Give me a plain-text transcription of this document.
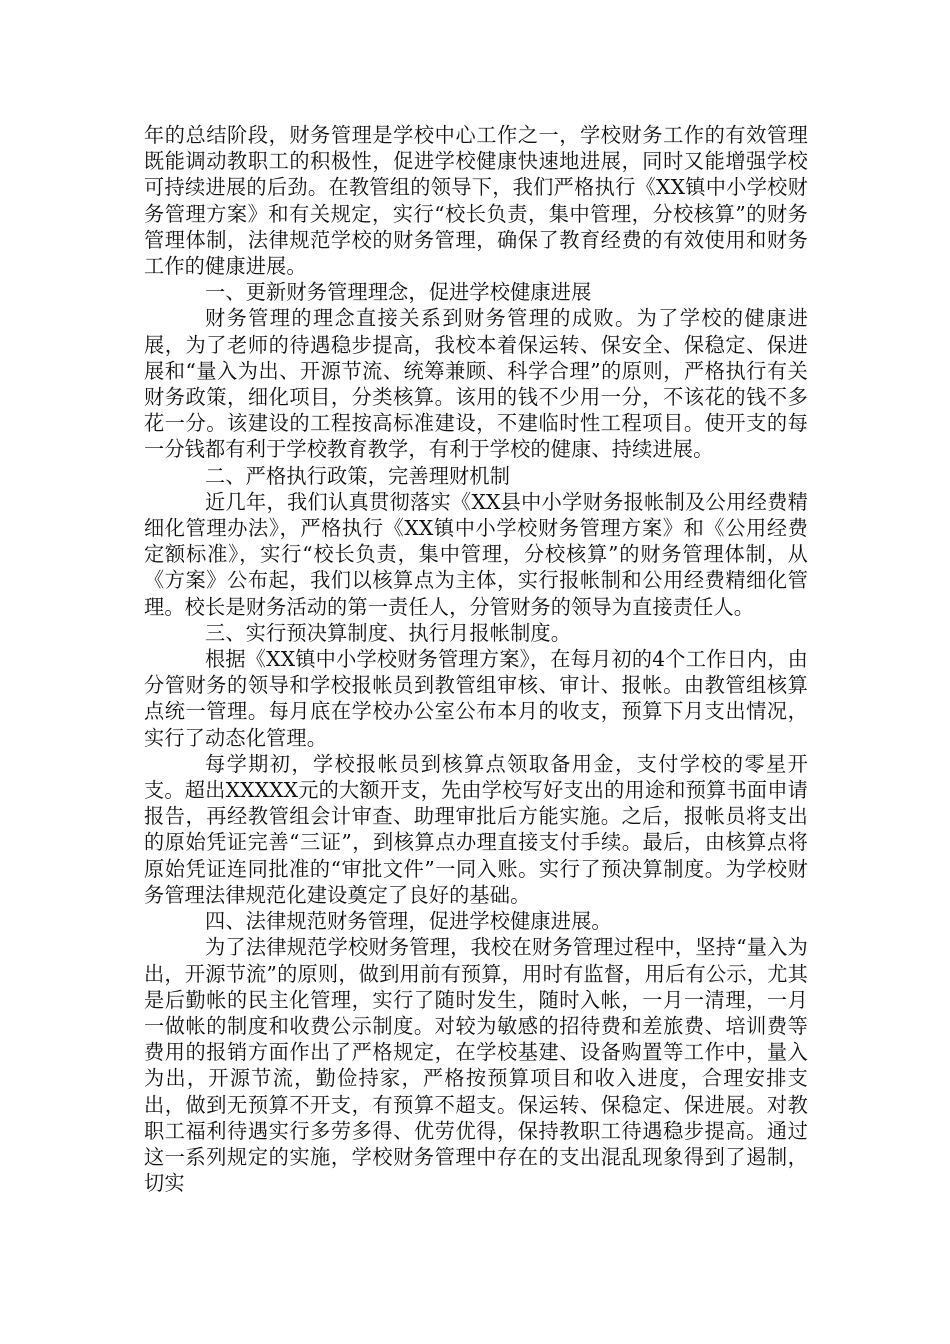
年的总结阶段，财务管理是学校中心工作之一，学校财务工作的有效管理既能调动教职工的积极性，促进学校健康快速地进展，同时又能增强学校可持续进展的后劲。在教管组的领导下，我们严格执行《XX镇中小学校财务管理方案》和有关规定，实行“校长负责，集中管理，分校核算”的财务管理体制，法律规范学校的财务管理，确保了教育经费的有效使用和财务工作的健康进展。

一、更新财务管理理念，促进学校健康进展

财务管理的理念直接关系到财务管理的成败。为了学校的健康进展，为了老师的待遇稳步提高，我校本着保运转、保安全、保稳定、保进展和“量入为出、开源节流、统筹兼顾、科学合理”的原则，严格执行有关财务政策，细化项目，分类核算。该用的钱不少用一分，不该花的钱不多花一分。该建设的工程按高标准建设，不建临时性工程项目。使开支的每一分钱都有利于学校教育教学，有利于学校的健康、持续进展。

二、严格执行政策，完善理财机制

近几年，我们认真贯彻落实《XX县中小学财务报帐制及公用经费精细化管理办法》，严格执行《XX镇中小学校财务管理方案》和《公用经费定额标准》，实行“校长负责，集中管理，分校核算”的财务管理体制，从《方案》公布起，我们以核算点为主体，实行报帐制和公用经费精细化管理。校长是财务活动的第一责任人，分管财务的领导为直接责任人。

三、实行预决算制度、执行月报帐制度。

根据《XX镇中小学校财务管理方案》，在每月初的4个工作日内，由分管财务的领导和学校报帐员到教管组审核、审计、报帐。由教管组核算点统一管理。每月底在学校办公室公布本月的收支，预算下月支出情况，实行了动态化管理。

每学期初，学校报帐员到核算点领取备用金，支付学校的零星开支。超出XXXXX元的大额开支，先由学校写好支出的用途和预算书面申请报告，再经教管组会计审查、助理审批后方能实施。之后，报帐员将支出的原始凭证完善“三证”，到核算点办理直接支付手续。最后，由核算点将原始凭证连同批准的“审批文件”一同入账。实行了预决算制度。为学校财务管理法律规范化建设奠定了良好的基础。

四、法律规范财务管理，促进学校健康进展。

为了法律规范学校财务管理，我校在财务管理过程中，坚持“量入为出，开源节流”的原则，做到用前有预算，用时有监督，用后有公示，尤其是后勤帐的民主化管理，实行了随时发生，随时入帐，一月一清理，一月一做帐的制度和收费公示制度。对较为敏感的招待费和差旅费、培训费等费用的报销方面作出了严格规定，在学校基建、设备购置等工作中，量入为出，开源节流，勤俭持家，严格按预算项目和收入进度，合理安排支出，做到无预算不开支，有预算不超支。保运转、保稳定、保进展。对教职工福利待遇实行多劳多得、优劳优得，保持教职工待遇稳步提高。通过这一系列规定的实施，学校财务管理中存在的支出混乱现象得到了遏制，切实
